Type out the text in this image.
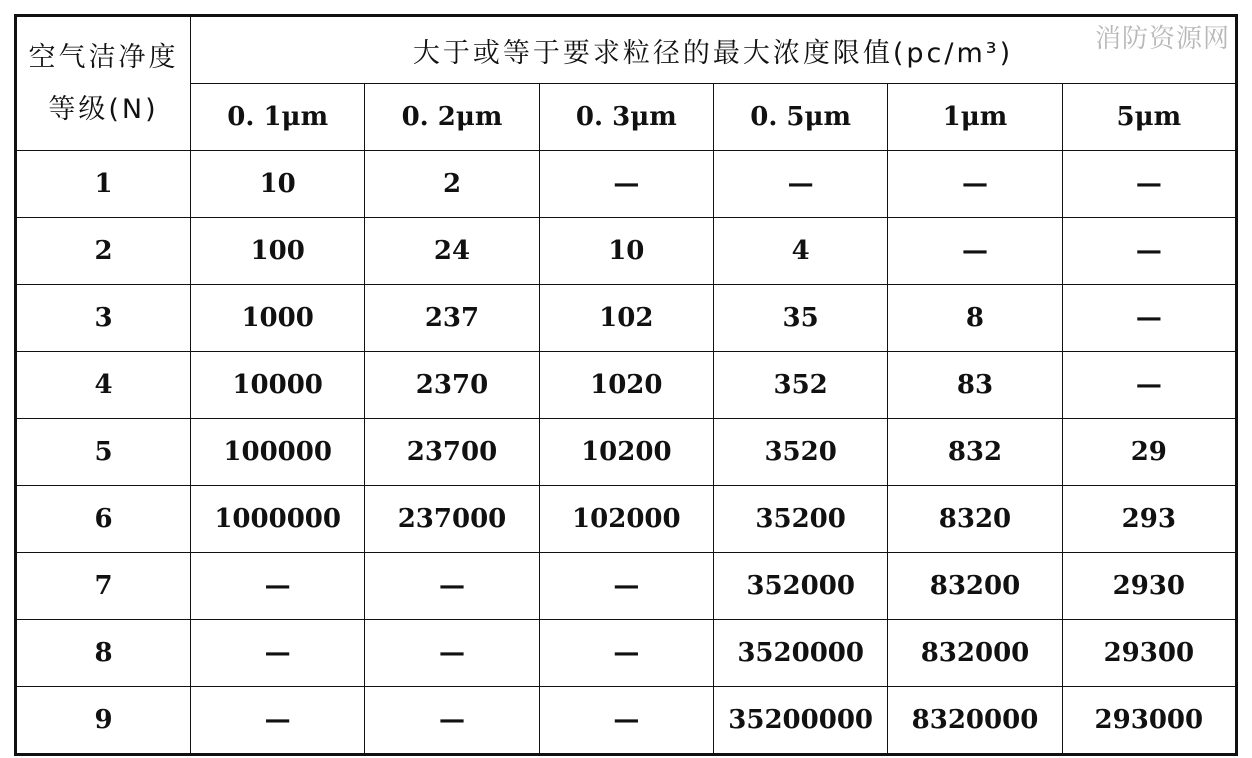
消防资源网
空气洁净度
等级(N)	大于或等于要求粒径的最大浓度限值(pc/m³)					
	0. 1μm	0. 2μm	0. 3μm	0. 5μm	1μm	5μm
1	10	2	—	—	—	—
2	100	24	10	4	—	—
3	1000	237	102	35	8	—
4	10000	2370	1020	352	83	—
5	100000	23700	10200	3520	832	29
6	1000000	237000	102000	35200	8320	293
7	—	—	—	352000	83200	2930
8	—	—	—	3520000	832000	29300
9	—	—	—	35200000	8320000	293000
